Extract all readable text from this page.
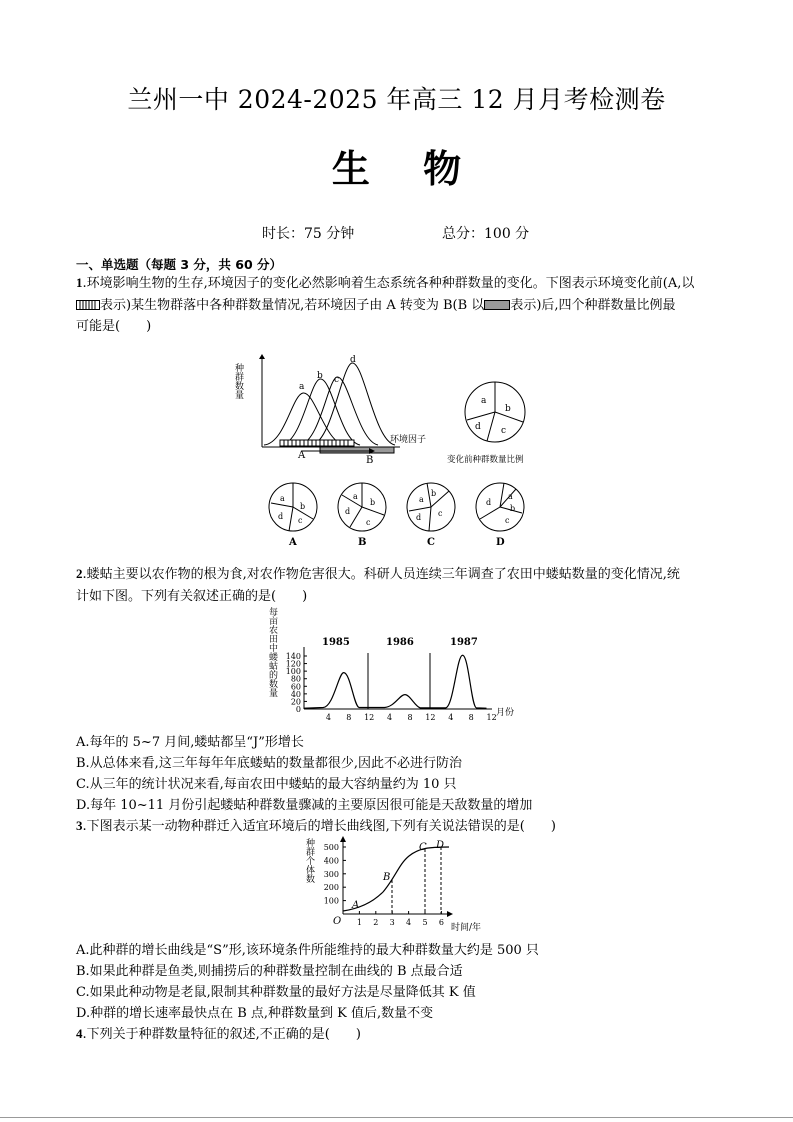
兰州一中 2024-2025 年高三 12 月月考检测卷
生 物
时长：75 分钟	总分：100 分
一、单选题（每题 3 分，共 60 分）
1.环境影响生物的生存,环境因子的变化必然影响着生态系统各种种群数量的变化。下图表示环境变化前(A,以
表示)某生物群落中各种群数量情况,若环境因子由 A 转变为 B(B 以 表示)后,四个种群数量比例最
可能是(　　)
种群数量	a
b c
d
A	B
环境因子
a
b
c
d
变化前种群数量比例
a
b
c
d
a
b
c
d
a
b
c
d
a
b
c
d
A	B	C	D
2.蝼蛄主要以农作物的根为食,对农作物危害很大。科研人员连续三年调查了农田中蝼蛄数量的变化情况,统
计如下图。下列有关叙述正确的是(　　)
每亩农田中蝼蛄的数量 140
120
100
80
60
40
20
0
4 8 12 4 8 12 4 8 12
1985	1986	1987
月份
A.每年的 5~7 月间,蝼蛄都呈“J”形增长
B.从总体来看,这三年每年年底蝼蛄的数量都很少,因此不必进行防治
C.从三年的统计状况来看,每亩农田中蝼蛄的最大容纳量约为 10 只
D.每年 10~11 月份引起蝼蛄种群数量骤减的主要原因很可能是天敌数量的增加
3.下图表示某一动物种群迁入适宜环境后的增长曲线图,下列有关说法错误的是(　　)
种群个体数 500
400
300
200
100
1 2 3 4 5 6
O
A
B
C D
时间/年
A.此种群的增长曲线是“S”形,该环境条件所能维持的最大种群数量大约是 500 只
B.如果此种群是鱼类,则捕捞后的种群数量控制在曲线的 B 点最合适
C.如果此种动物是老鼠,限制其种群数量的最好方法是尽量降低其 K 值
D.种群的增长速率最快点在 B 点,种群数量到 K 值后,数量不变
4.下列关于种群数量特征的叙述,不正确的是(　　)
